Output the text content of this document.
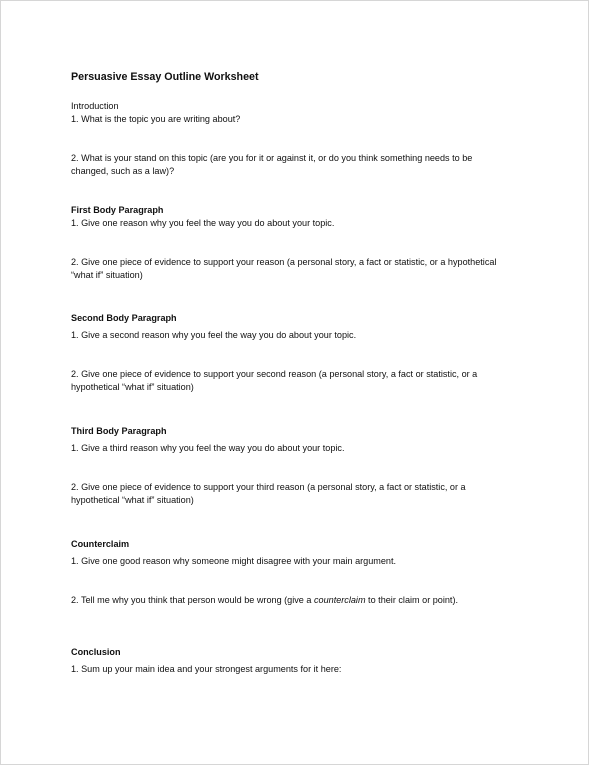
Persuasive Essay Outline Worksheet
Introduction
1. What is the topic you are writing about?
2. What is your stand on this topic (are you for it or against it, or do you think something needs to be
changed, such as a law)?
First Body Paragraph
1. Give one reason why you feel the way you do about your topic.
2. Give one piece of evidence to support your reason (a personal story, a fact or statistic, or a hypothetical
“what if” situation)
Second Body Paragraph
1. Give a second reason why you feel the way you do about your topic.
2. Give one piece of evidence to support your second reason (a personal story, a fact or statistic, or a
hypothetical “what if” situation)
Third Body Paragraph
1. Give a third reason why you feel the way you do about your topic.
2. Give one piece of evidence to support your third reason (a personal story, a fact or statistic, or a
hypothetical “what if” situation)
Counterclaim
1. Give one good reason why someone might disagree with your main argument.
2. Tell me why you think that person would be wrong (give a counterclaim to their claim or point).
Conclusion
1. Sum up your main idea and your strongest arguments for it here:
